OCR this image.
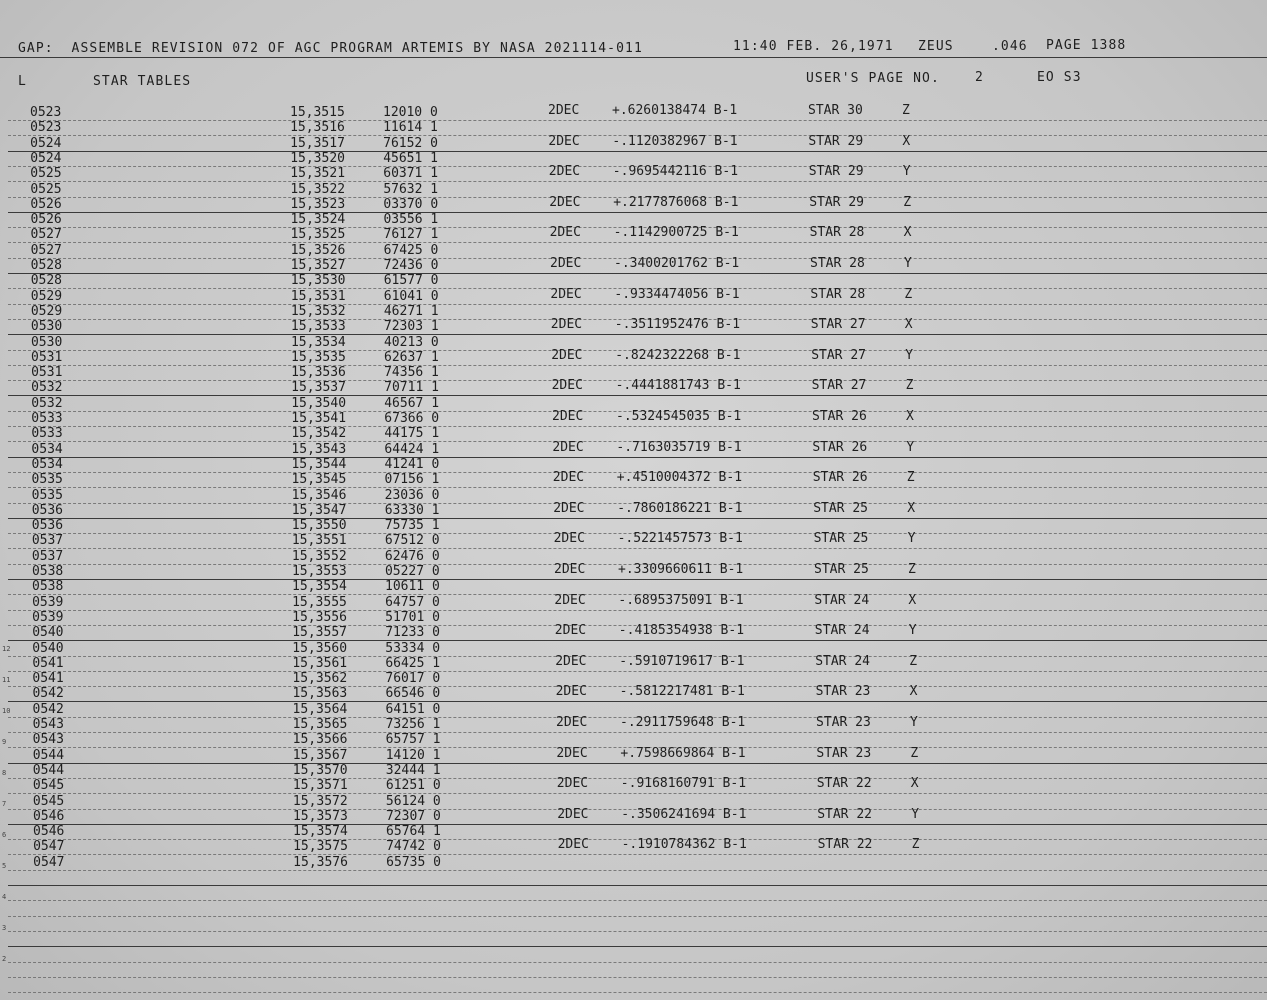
GAP:  ASSEMBLE REVISION 072 OF AGC PROGRAM ARTEMIS BY NASA 2021114-011	11:40 FEB. 26,1971 ZEUS	.046 PAGE 1388
L	STAR TABLES	USER'S PAGE NO.	2	EO S3
0523	15,3515	12010 0
0523	15,3516	11614 1
0524	15,3517	76152 0
0524	15,3520	45651 1
0525	15,3521	60371 1
0525	15,3522	57632 1
0526	15,3523	03370 0
0526	15,3524	03556 1
0527	15,3525	76127 1
0527	15,3526	67425 0
0528	15,3527	72436 0
0528	15,3530	61577 0
0529	15,3531	61041 0
0529	15,3532	46271 1
0530	15,3533	72303 1
0530	15,3534	40213 0
0531	15,3535	62637 1
0531	15,3536	74356 1
0532	15,3537	70711 1
0532	15,3540	46567 1
0533	15,3541	67366 0
0533	15,3542	44175 1
0534	15,3543	64424 1
0534	15,3544	41241 0
0535	15,3545	07156 1
0535	15,3546	23036 0
0536	15,3547	63330 1
0536	15,3550	75735 1
0537	15,3551	67512 0
0537	15,3552	62476 0
0538	15,3553	05227 0
0538	15,3554	10611 0
0539	15,3555	64757 0
0539	15,3556	51701 0
0540	15,3557	71233 0
0540	15,3560	53334 0
0541	15,3561	66425 1
0541	15,3562	76017 0
0542	15,3563	66546 0
0542	15,3564	64151 0
0543	15,3565	73256 1
0543	15,3566	65757 1
0544	15,3567	14120 1
0544	15,3570	32444 1
0545	15,3571	61251 0
0545	15,3572	56124 0
0546	15,3573	72307 0
0546	15,3574	65764 1
0547	15,3575	74742 0
0547	15,3576	65735 0
2DEC	+.6260138474 B-1	STAR 30	Z
2DEC	-.1120382967 B-1	STAR 29	X
2DEC	-.9695442116 B-1	STAR 29	Y
2DEC	+.2177876068 B-1	STAR 29	Z
2DEC	-.1142900725 B-1	STAR 28	X
2DEC	-.3400201762 B-1	STAR 28	Y
2DEC	-.9334474056 B-1	STAR 28	Z
2DEC	-.3511952476 B-1	STAR 27	X
2DEC	-.8242322268 B-1	STAR 27	Y
2DEC	-.4441881743 B-1	STAR 27	Z
2DEC	-.5324545035 B-1	STAR 26	X
2DEC	-.7163035719 B-1	STAR 26	Y
2DEC	+.4510004372 B-1	STAR 26	Z
2DEC	-.7860186221 B-1	STAR 25	X
2DEC	-.5221457573 B-1	STAR 25	Y
2DEC	+.3309660611 B-1	STAR 25	Z
2DEC	-.6895375091 B-1	STAR 24	X
2DEC	-.4185354938 B-1	STAR 24	Y
2DEC	-.5910719617 B-1	STAR 24	Z
2DEC	-.5812217481 B-1	STAR 23	X
2DEC	-.2911759648 B-1	STAR 23	Y
2DEC	+.7598669864 B-1	STAR 23	Z
2DEC	-.9168160791 B-1	STAR 22	X
2DEC	-.3506241694 B-1	STAR 22	Y
2DEC	-.1910784362 B-1	STAR 22	Z
12
11
10
9
8
7
6
5
4
3
2
